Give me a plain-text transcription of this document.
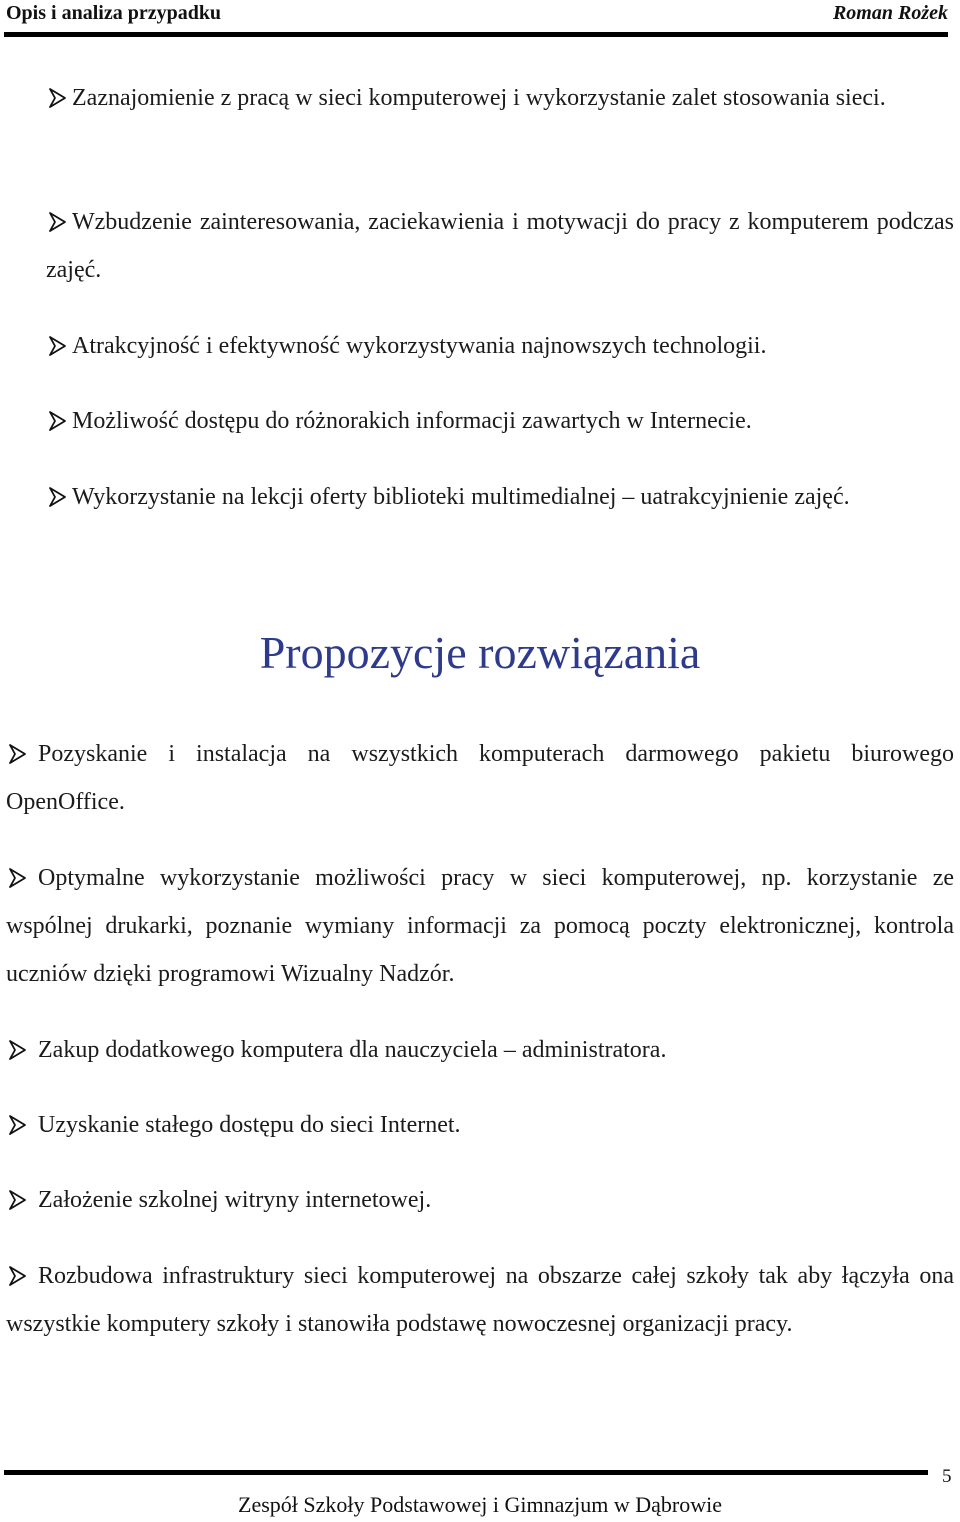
Opis i analiza przypadku	Roman Rożek
Zaznajomienie z pracą w sieci komputerowej i wykorzystanie zalet stosowania sieci.
Wzbudzenie zainteresowania, zaciekawienia i motywacji do pracy z komputerem podczas zajęć.
Atrakcyjność i efektywność wykorzystywania najnowszych technologii.
Możliwość dostępu do różnorakich informacji zawartych w Internecie.
Wykorzystanie na lekcji oferty biblioteki multimedialnej – uatrakcyjnienie zajęć.
Propozycje rozwiązania
Pozyskanie i instalacja na wszystkich komputerach darmowego pakietu biurowego OpenOffice.
Optymalne wykorzystanie możliwości pracy w sieci komputerowej, np. korzystanie ze wspólnej drukarki, poznanie wymiany informacji za pomocą poczty elektronicznej, kontrola uczniów dzięki programowi Wizualny Nadzór.
Zakup dodatkowego komputera dla nauczyciela – administratora.
Uzyskanie stałego dostępu do sieci Internet.
Założenie szkolnej witryny internetowej.
Rozbudowa infrastruktury sieci komputerowej na obszarze całej szkoły tak aby łączyła ona wszystkie komputery szkoły i stanowiła podstawę nowoczesnej organizacji pracy.
5
Zespół Szkoły Podstawowej i Gimnazjum w Dąbrowie
